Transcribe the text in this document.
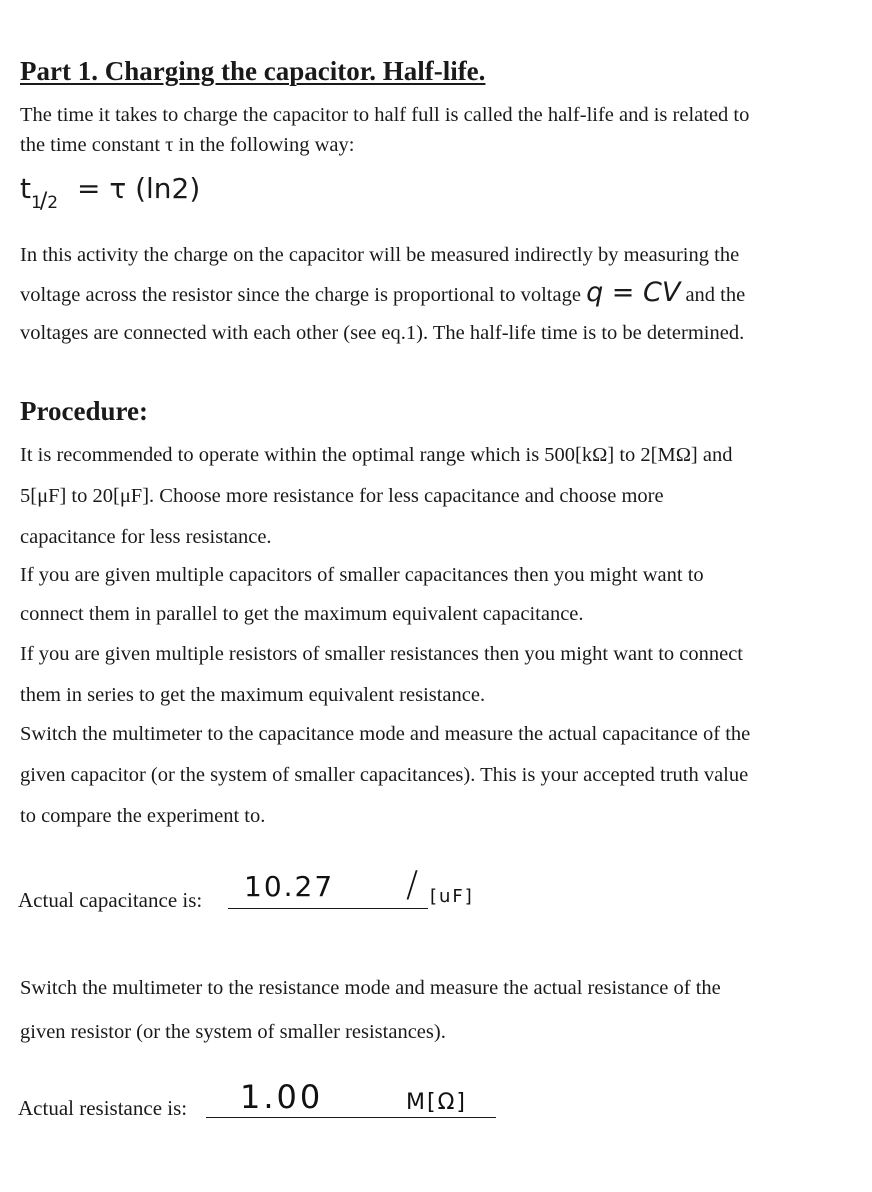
Part 1. Charging the capacitor. Half-life.
The time it takes to charge the capacitor to half full is called the half-life and is related to
the time constant τ in the following way:
$t_{1/2} = \tau$ (ln2)
In this activity the charge on the capacitor will be measured indirectly by measuring the
voltage across the resistor since the charge is proportional to voltage q = CV and the
voltages are connected with each other (see eq.1). The half-life time is to be determined.
Procedure:
It is recommended to operate within the optimal range which is 500[kΩ] to 2[MΩ] and
5[μF] to 20[μF]. Choose more resistance for less capacitance and choose more
capacitance for less resistance.
If you are given multiple capacitors of smaller capacitances then you might want to
connect them in parallel to get the maximum equivalent capacitance.
If you are given multiple resistors of smaller resistances then you might want to connect
them in series to get the maximum equivalent resistance.
Switch the multimeter to the capacitance mode and measure the actual capacitance of the
given capacitor (or the system of smaller capacitances). This is your accepted truth value
to compare the experiment to.
Actual capacitance is: 10.27 / [uF]
Switch the multimeter to the resistance mode and measure the actual resistance of the
given resistor (or the system of smaller resistances).
Actual resistance is: 1.00	M[Ω]
